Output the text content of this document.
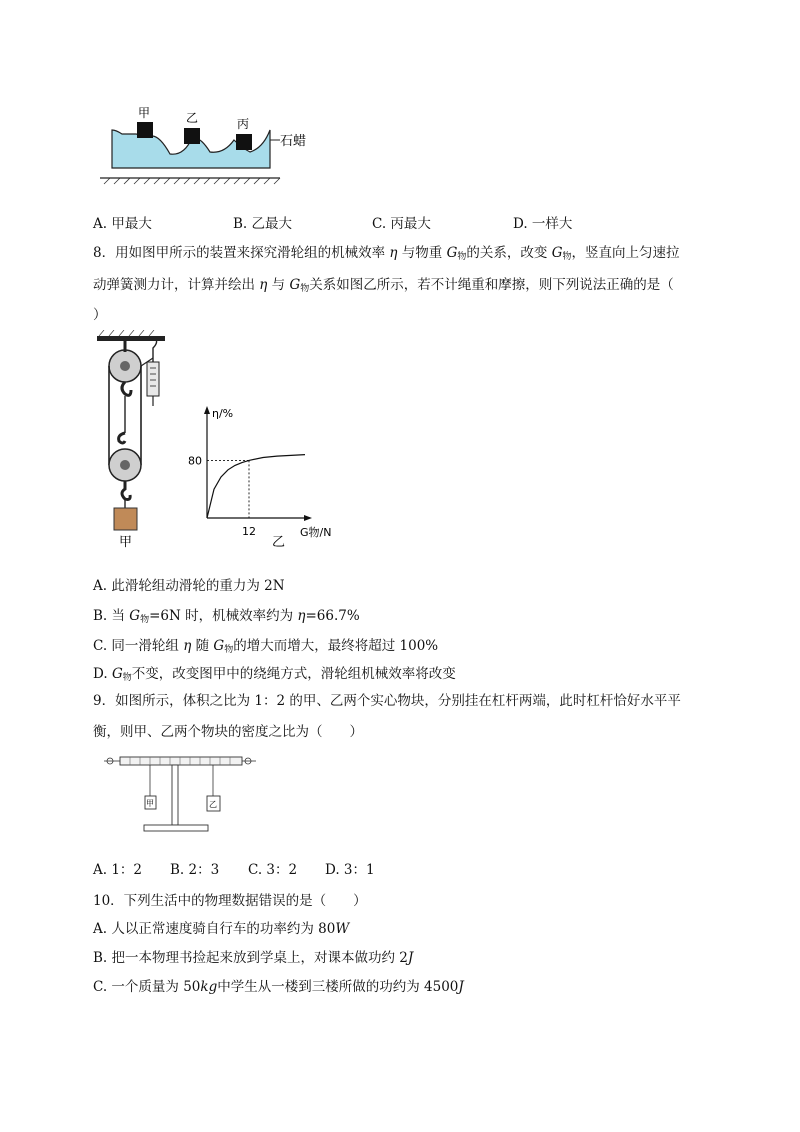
甲	乙	丙
石蜡
A. 甲最大	B. 乙最大	C. 丙最大	D. 一样大
8．用如图甲所示的装置来探究滑轮组的机械效率 η 与物重 $G_物$的关系，改变 $G_物$，竖直向上匀速拉
动弹簧测力计，计算并绘出 η 与 $G_物$关系如图乙所示，若不计绳重和摩擦，则下列说法正确的是（
）
甲
80
12
η/%
G物/N
乙
A. 此滑轮组动滑轮的重力为 2N
B. 当 $G_物=6N$ 时，机械效率约为 η=66.7%
C. 同一滑轮组 η 随 $G_物$的增大而增大，最终将超过 100%
D. $G_物$不变，改变图甲中的绕绳方式，滑轮组机械效率将改变
9．如图所示，体积之比为 1：2 的甲、乙两个实心物块，分别挂在杠杆两端，此时杠杆恰好水平平
衡，则甲、乙两个物块的密度之比为（　　）
甲	乙
A. 1：2 B. 2：3 C. 3：2 D. 3：1
10．下列生活中的物理数据错误的是（　　）
A. 人以正常速度骑自行车的功率约为 80W
B. 把一本物理书捡起来放到学桌上，对课本做功约 2J
C. 一个质量为 50kg中学生从一楼到三楼所做的功约为 4500J
